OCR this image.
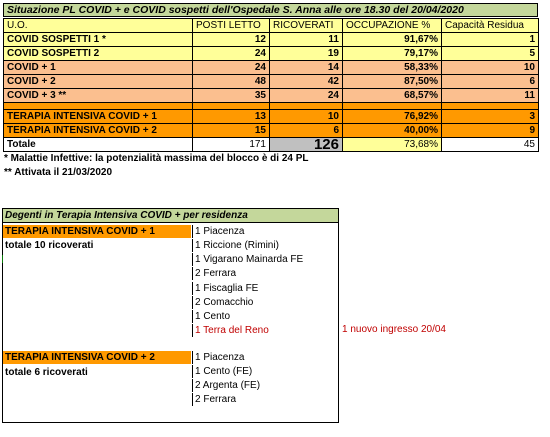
Situazione PL COVID + e COVID sospetti dell'Ospedale S. Anna alle ore 18.30 del 20/04/2020
U.O.	POSTI LETTO	RICOVERATI	OCCUPAZIONE %	Capacità Residua
COVID SOSPETTI 1 *	12	11	91,67%	1
COVID SOSPETTI 2	24	19	79,17%	5
COVID + 1	24	14	58,33%	10
COVID + 2	48	42	87,50%	6
COVID + 3 **	35	24	68,57%	11
TERAPIA INTENSIVA COVID + 1	13	10	76,92%	3
TERAPIA INTENSIVA COVID + 2	15	6	40,00%	9
Totale	171	126	73,68%	45
* Malattie Infettive: la potenzialità massima del blocco è di 24 PL
** Attivata il 21/03/2020
Degenti in Terapia Intensiva COVID + per residenza
TERAPIA INTENSIVA COVID + 1
totale 10 ricoverati
1 Piacenza
1 Riccione (Rimini)
1 Vigarano Mainarda FE
2 Ferrara
1 Fiscaglia FE
2 Comacchio
1 Cento
1 Terra del Reno	1 nuovo ingresso 20/04
TERAPIA INTENSIVA COVID + 2
totale 6 ricoverati
1 Piacenza
1 Cento (FE)
2 Argenta (FE)
2 Ferrara
